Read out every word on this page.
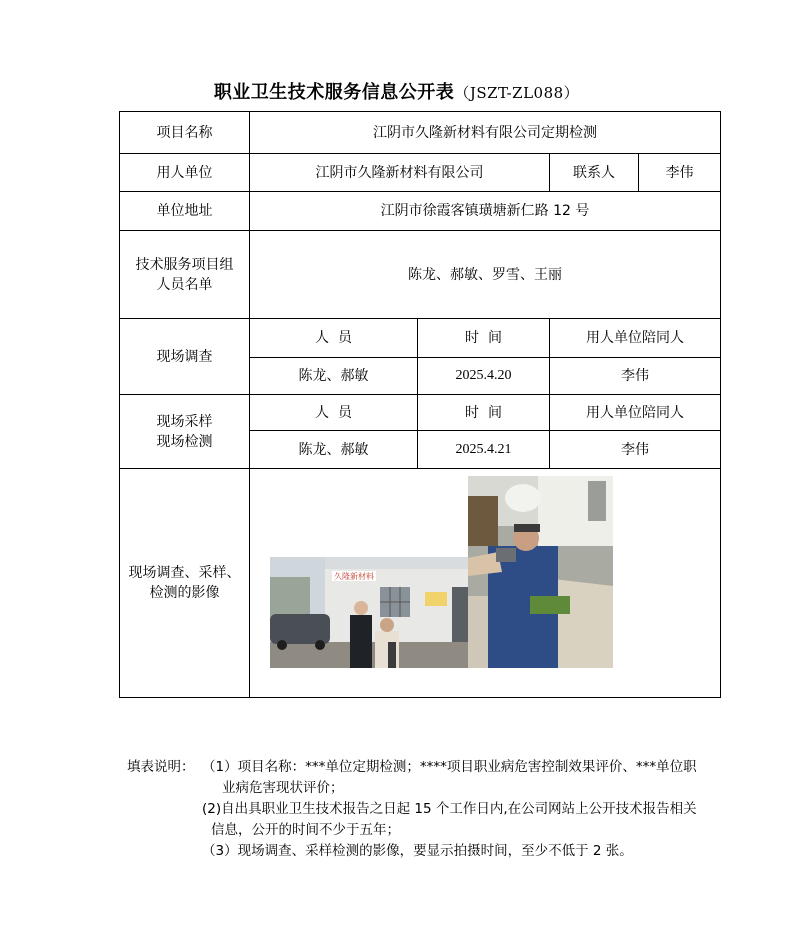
职业卫生技术服务信息公开表（JSZT-ZL088）
项目名称	江阴市久隆新材料有限公司定期检测			
用人单位	江阴市久隆新材料有限公司		联系人	李伟
单位地址	江阴市徐霞客镇璜塘新仁路 12 号			

技术服务项目组
人员名单	陈龙、郝敏、罗雪、王丽			
现场调查	人  员	时  间	用人单位陪同人	
	陈龙、郝敏	2025.4.20	李伟	

现场采样
现场检测	人  员	时  间	用人单位陪同人	
	陈龙、郝敏	2025.4.21	李伟	

现场调查、采样、
检测的影像	久隆新材料			
填表说明： （1）项目名称：***单位定期检测；****项目职业病危害控制效果评价、***单位职
业病危害现状评价；
(2)自出具职业卫生技术报告之日起 15 个工作日内,在公司网站上公开技术报告相关
信息，公开的时间不少于五年；
（3）现场调查、采样检测的影像，要显示拍摄时间，至少不低于 2 张。
